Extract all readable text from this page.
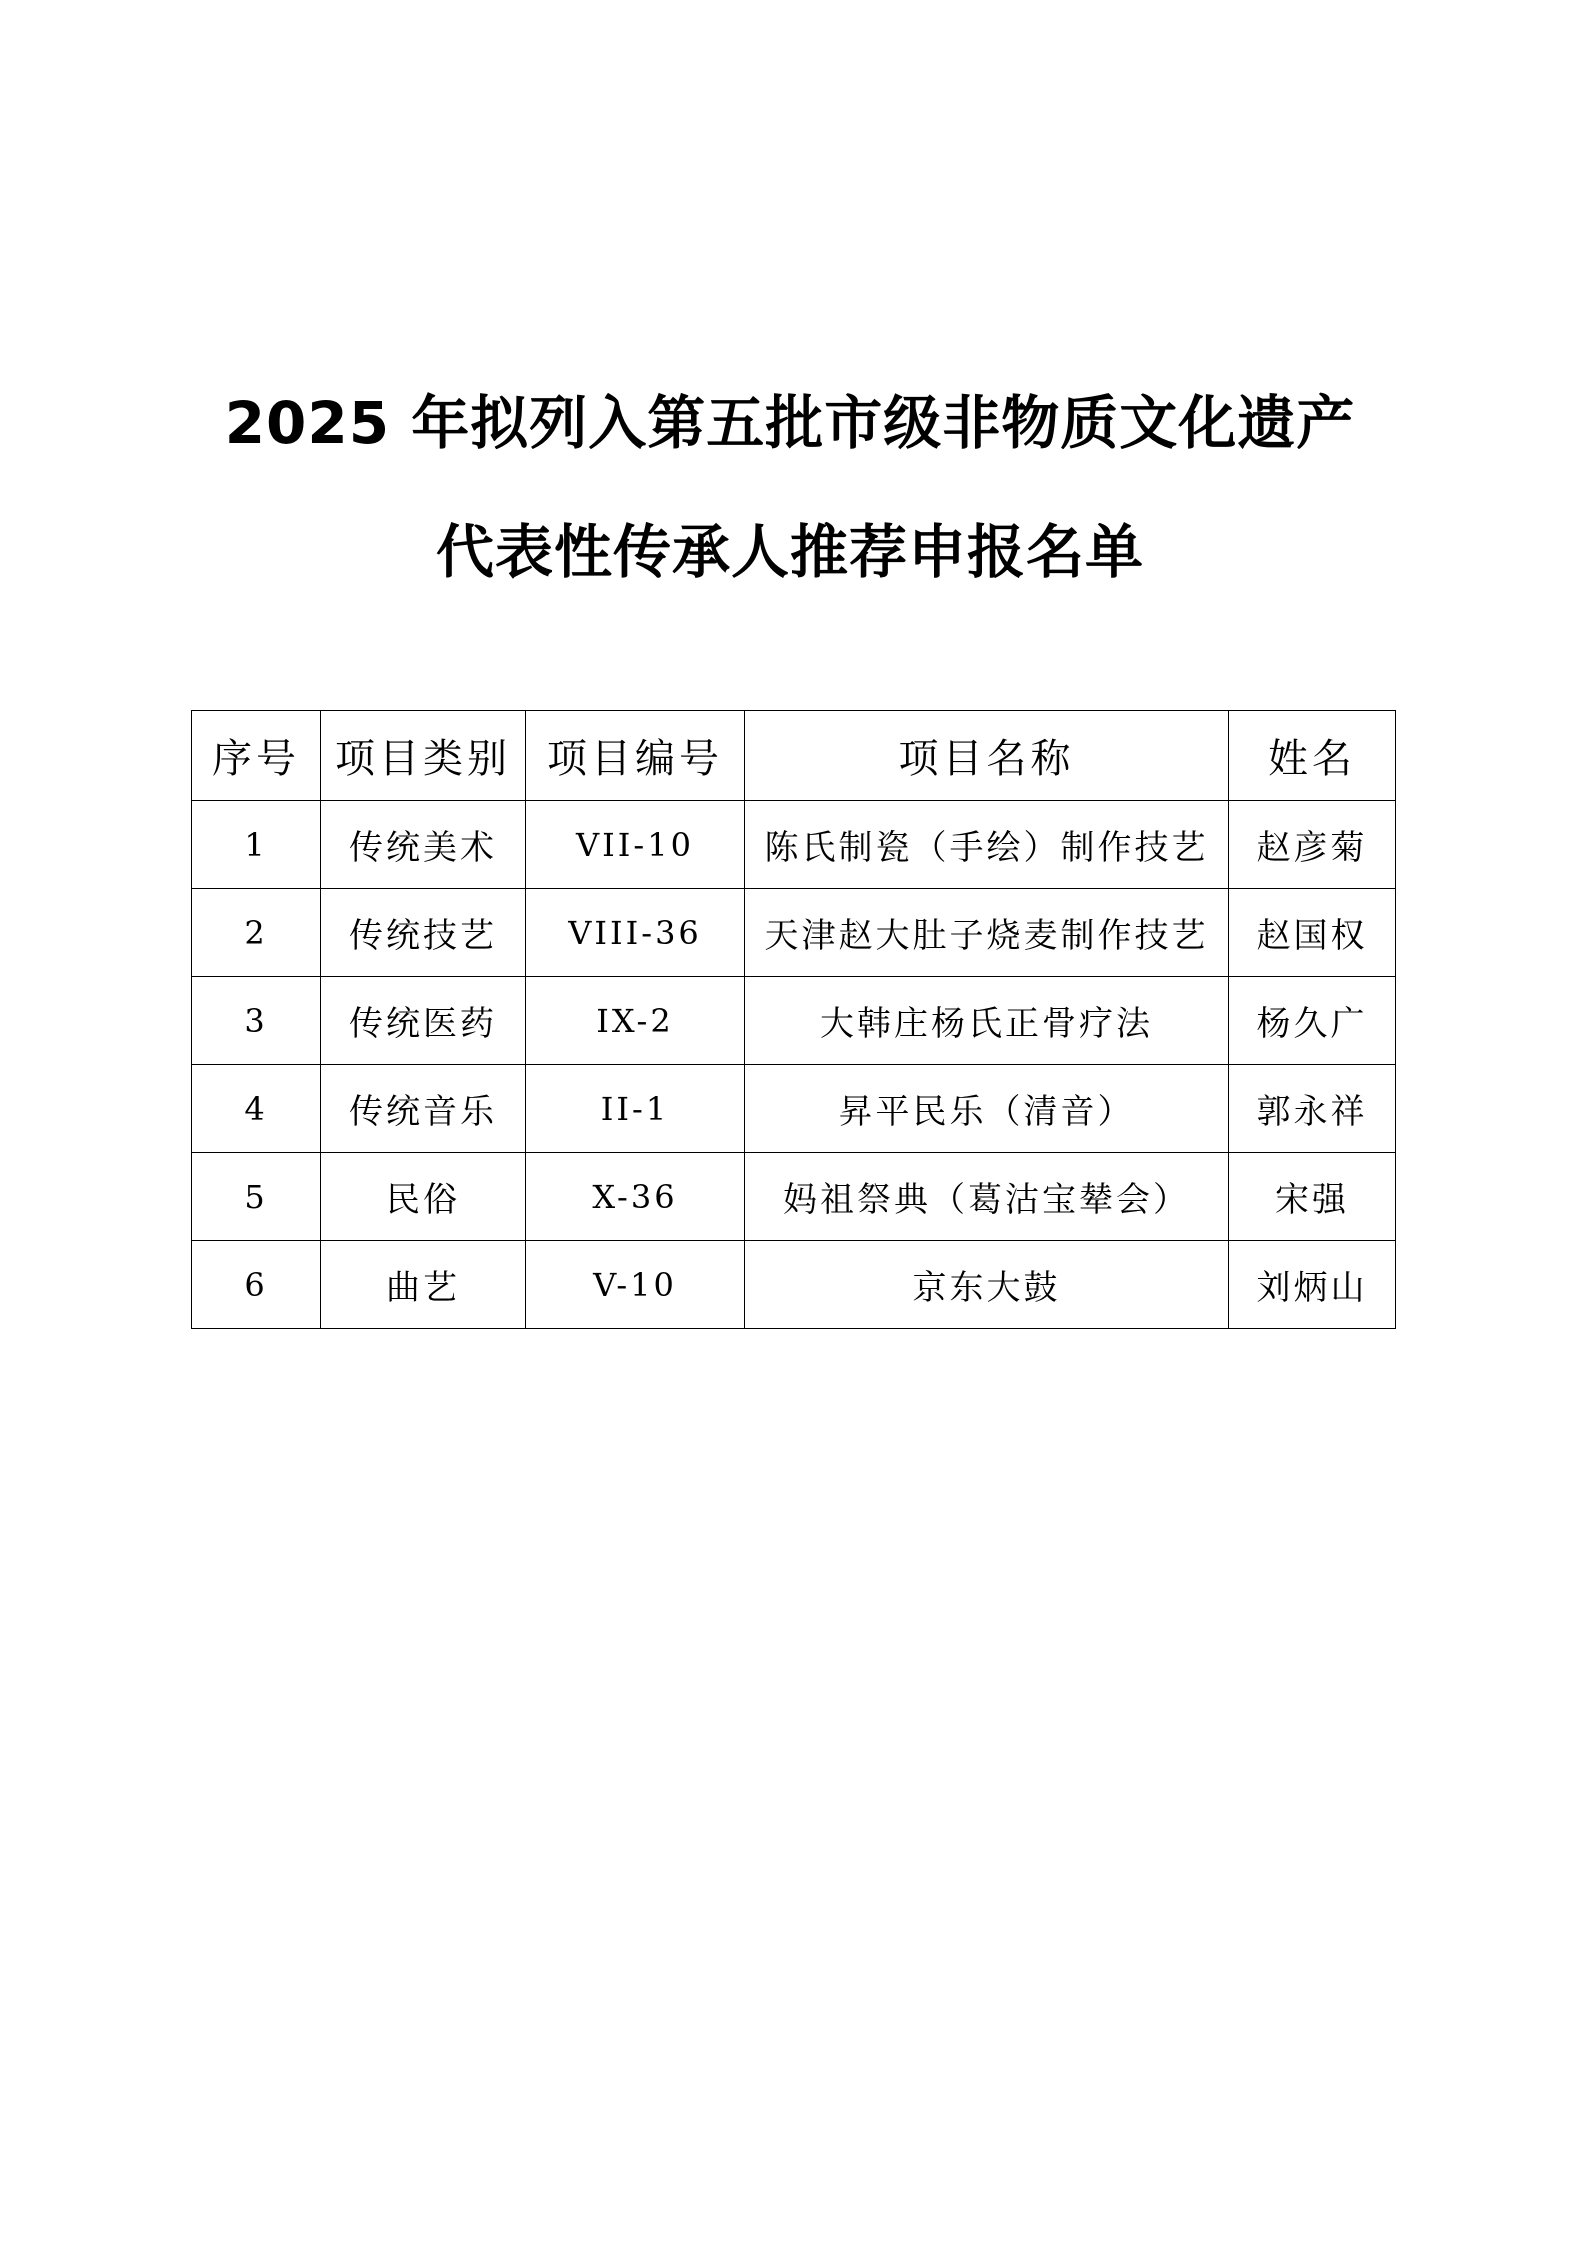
2025 年拟列入第五批市级非物质文化遗产
代表性传承人推荐申报名单
序号	项目类别	项目编号	项目名称	姓名
1	传统美术	VII-10	陈氏制瓷（手绘）制作技艺	赵彦菊
2	传统技艺	VIII-36	天津赵大肚子烧麦制作技艺	赵国权
3	传统医药	IX-2	大韩庄杨氏正骨疗法	杨久广
4	传统音乐	II-1	昇平民乐（清音）	郭永祥
5	民俗	X-36	妈祖祭典（葛沽宝辇会）	宋强
6	曲艺	V-10	京东大鼓	刘炳山
